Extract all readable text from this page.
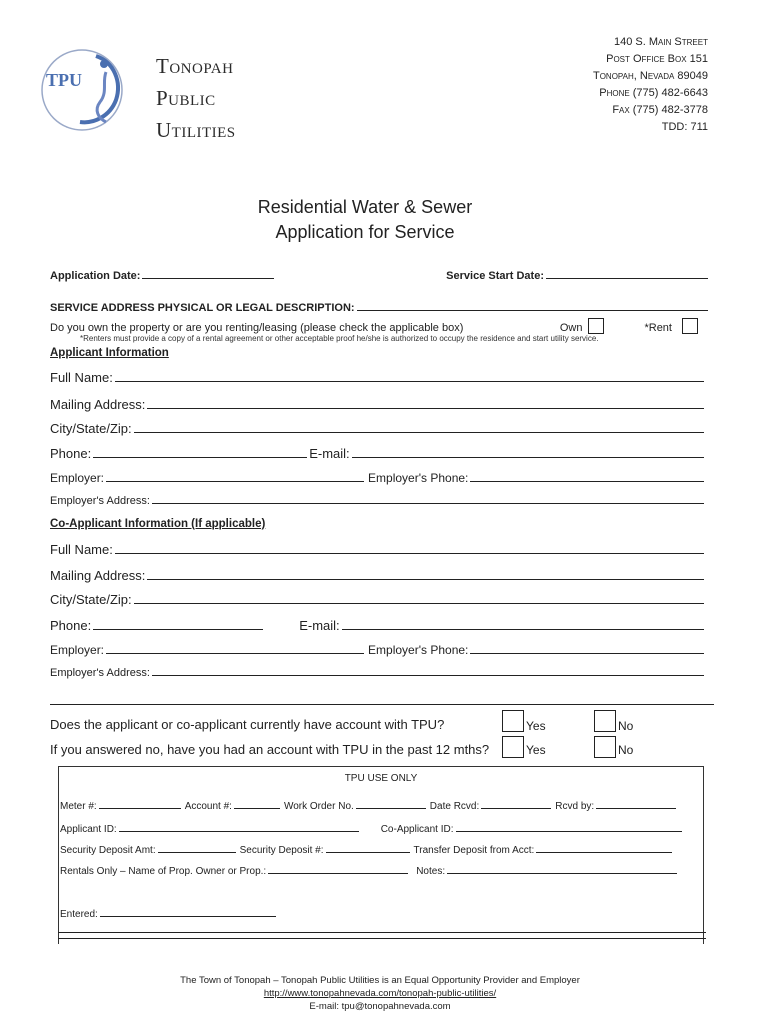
TPU
Tonopah
Public
Utilities
140 S. Main Street
Post Office Box 151
Tonopah, Nevada 89049
Phone (775) 482-6643
Fax (775) 482-3778
TDD: 711
Residential Water & Sewer
Application for Service
Application Date:	Service Start Date:
SERVICE ADDRESS PHYSICAL OR LEGAL DESCRIPTION:
Do you own the property or are you renting/leasing (please check the applicable box)	Own	*Rent
*Renters must provide a copy of a rental agreement or other acceptable proof he/she is authorized to occupy the residence and start utility service.
Applicant Information
Full Name:
Mailing Address:
City/State/Zip:
Phone:	E-mail:
Employer:	Employer's Phone:
Employer's Address:
Co-Applicant Information (If applicable)
Full Name:
Mailing Address:
City/State/Zip:
Phone:	E-mail:
Employer:	Employer's Phone:
Employer's Address:
Does the applicant or co-applicant currently have account with TPU?	Yes	No
If you answered no, have you had an account with TPU in the past 12 mths?	Yes	No
TPU USE ONLY
Meter #:	Account #:	Work Order No.	Date Rcvd:	Rcvd by:
Applicant ID:	Co-Applicant ID:
Security Deposit Amt:	Security Deposit #:	Transfer Deposit from Acct:
Rentals Only – Name of Prop. Owner or Prop.:	Notes:
Entered:
The Town of Tonopah – Tonopah Public Utilities is an Equal Opportunity Provider and Employer
http://www.tonopahnevada.com/tonopah-public-utilities/
E-mail: tpu@tonopahnevada.com
